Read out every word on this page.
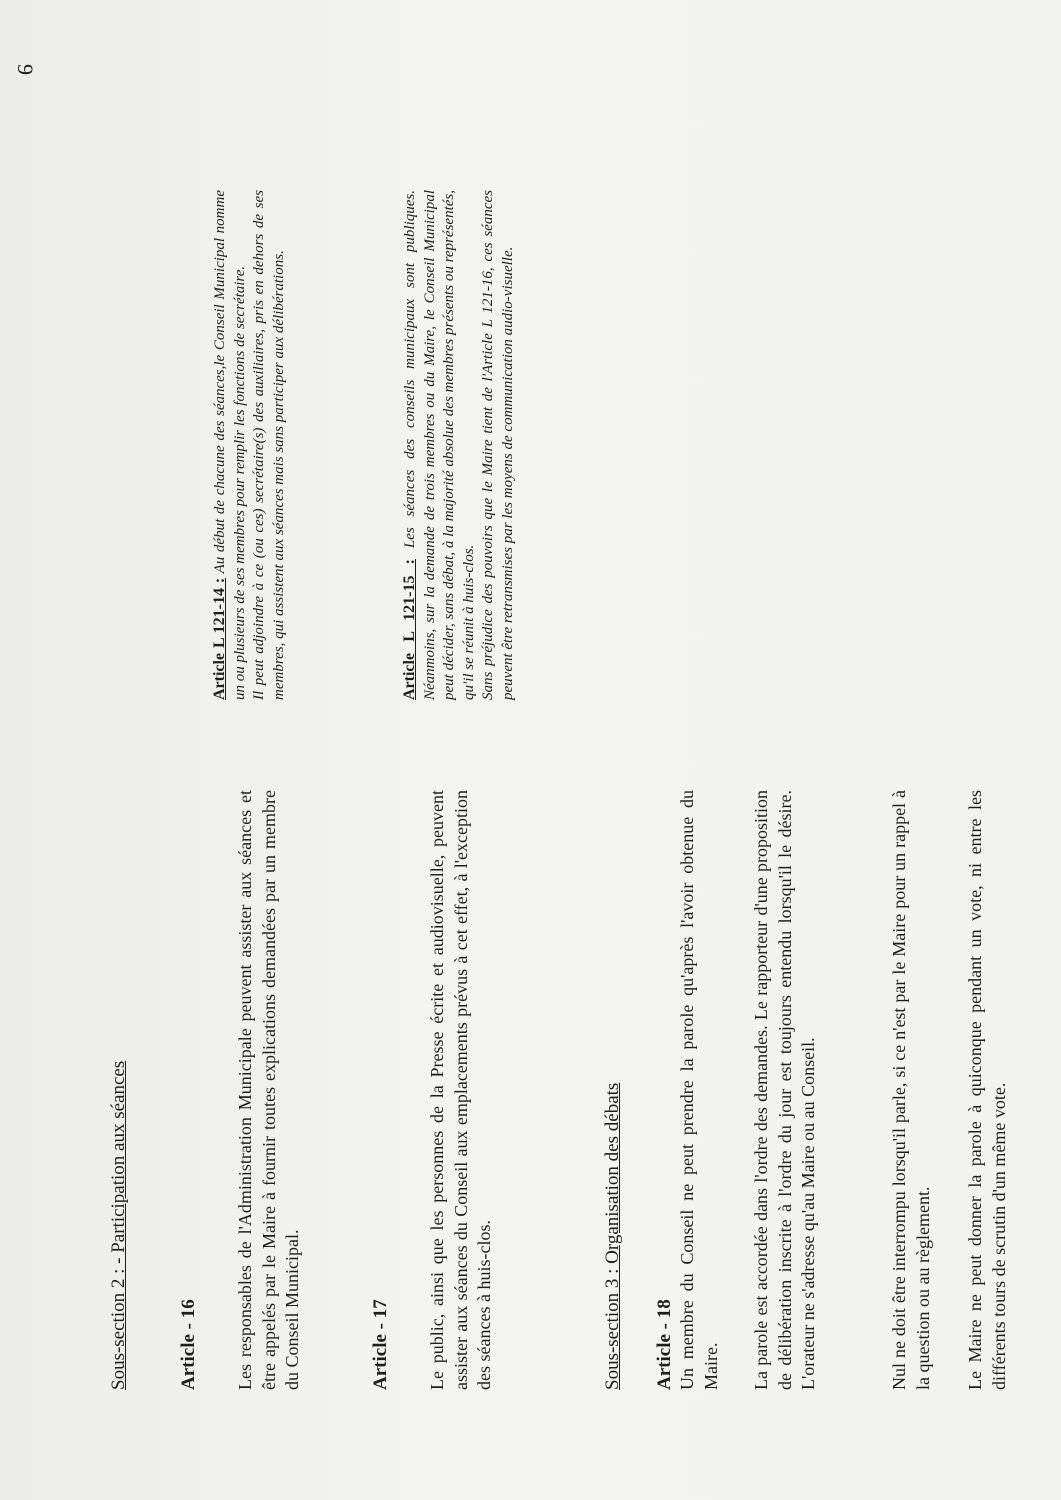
9

Sous-section 2 : - Participation aux séances	Article - 16 Les responsables de l'Administration Municipale peuvent assister aux séances et être appelés par le Maire à fournir toutes explications demandées par un membre du Conseil Municipal.	Article - 17 Le public, ainsi que les personnes de la Presse écrite et audiovisuelle, peuvent assister aux séances du Conseil aux emplacements prévus à cet effet, à l'exception des séances à huis-clos.	Sous-section 3 : Organisation des débats Article - 18 Un membre du Conseil ne peut prendre la parole qu'après l'avoir obtenue du Maire. La parole est accordée dans l'ordre des demandes. Le rapporteur d'une proposition de délibération inscrite à l'ordre du jour est toujours entendu lorsqu'il le désire. L'orateur ne s'adresse qu'au Maire ou au Conseil.	Nul ne doit être interrompu lorsqu'il parle, si ce n'est par le Maire pour un rappel à la question ou au règlement. Le Maire ne peut donner la parole à quiconque pendant un vote, ni entre les différents tours de scrutin d'un même vote.

Article L 121-14 : Au début de chacune des séances,le Conseil Municipal nomme un ou plusieurs de ses membres pour remplir les fonctions de secrétaire. Il peut adjoindre à ce (ou ces) secrétaire(s) des auxiliaires, pris en dehors de ses membres, qui assistent aux séances mais sans participer aux délibérations.	Article L 121-15 : Les séances des conseils municipaux sont publiques. Néanmoins, sur la demande de trois membres ou du Maire, le Conseil Municipal peut décider, sans débat, à la majorité absolue des membres présents ou représentés, qu'il se réunit à huis-clos. Sans préjudice des pouvoirs que le Maire tient de l'Article L 121-16, ces séances peuvent être retransmises par les moyens de communication audio-visuelle.
